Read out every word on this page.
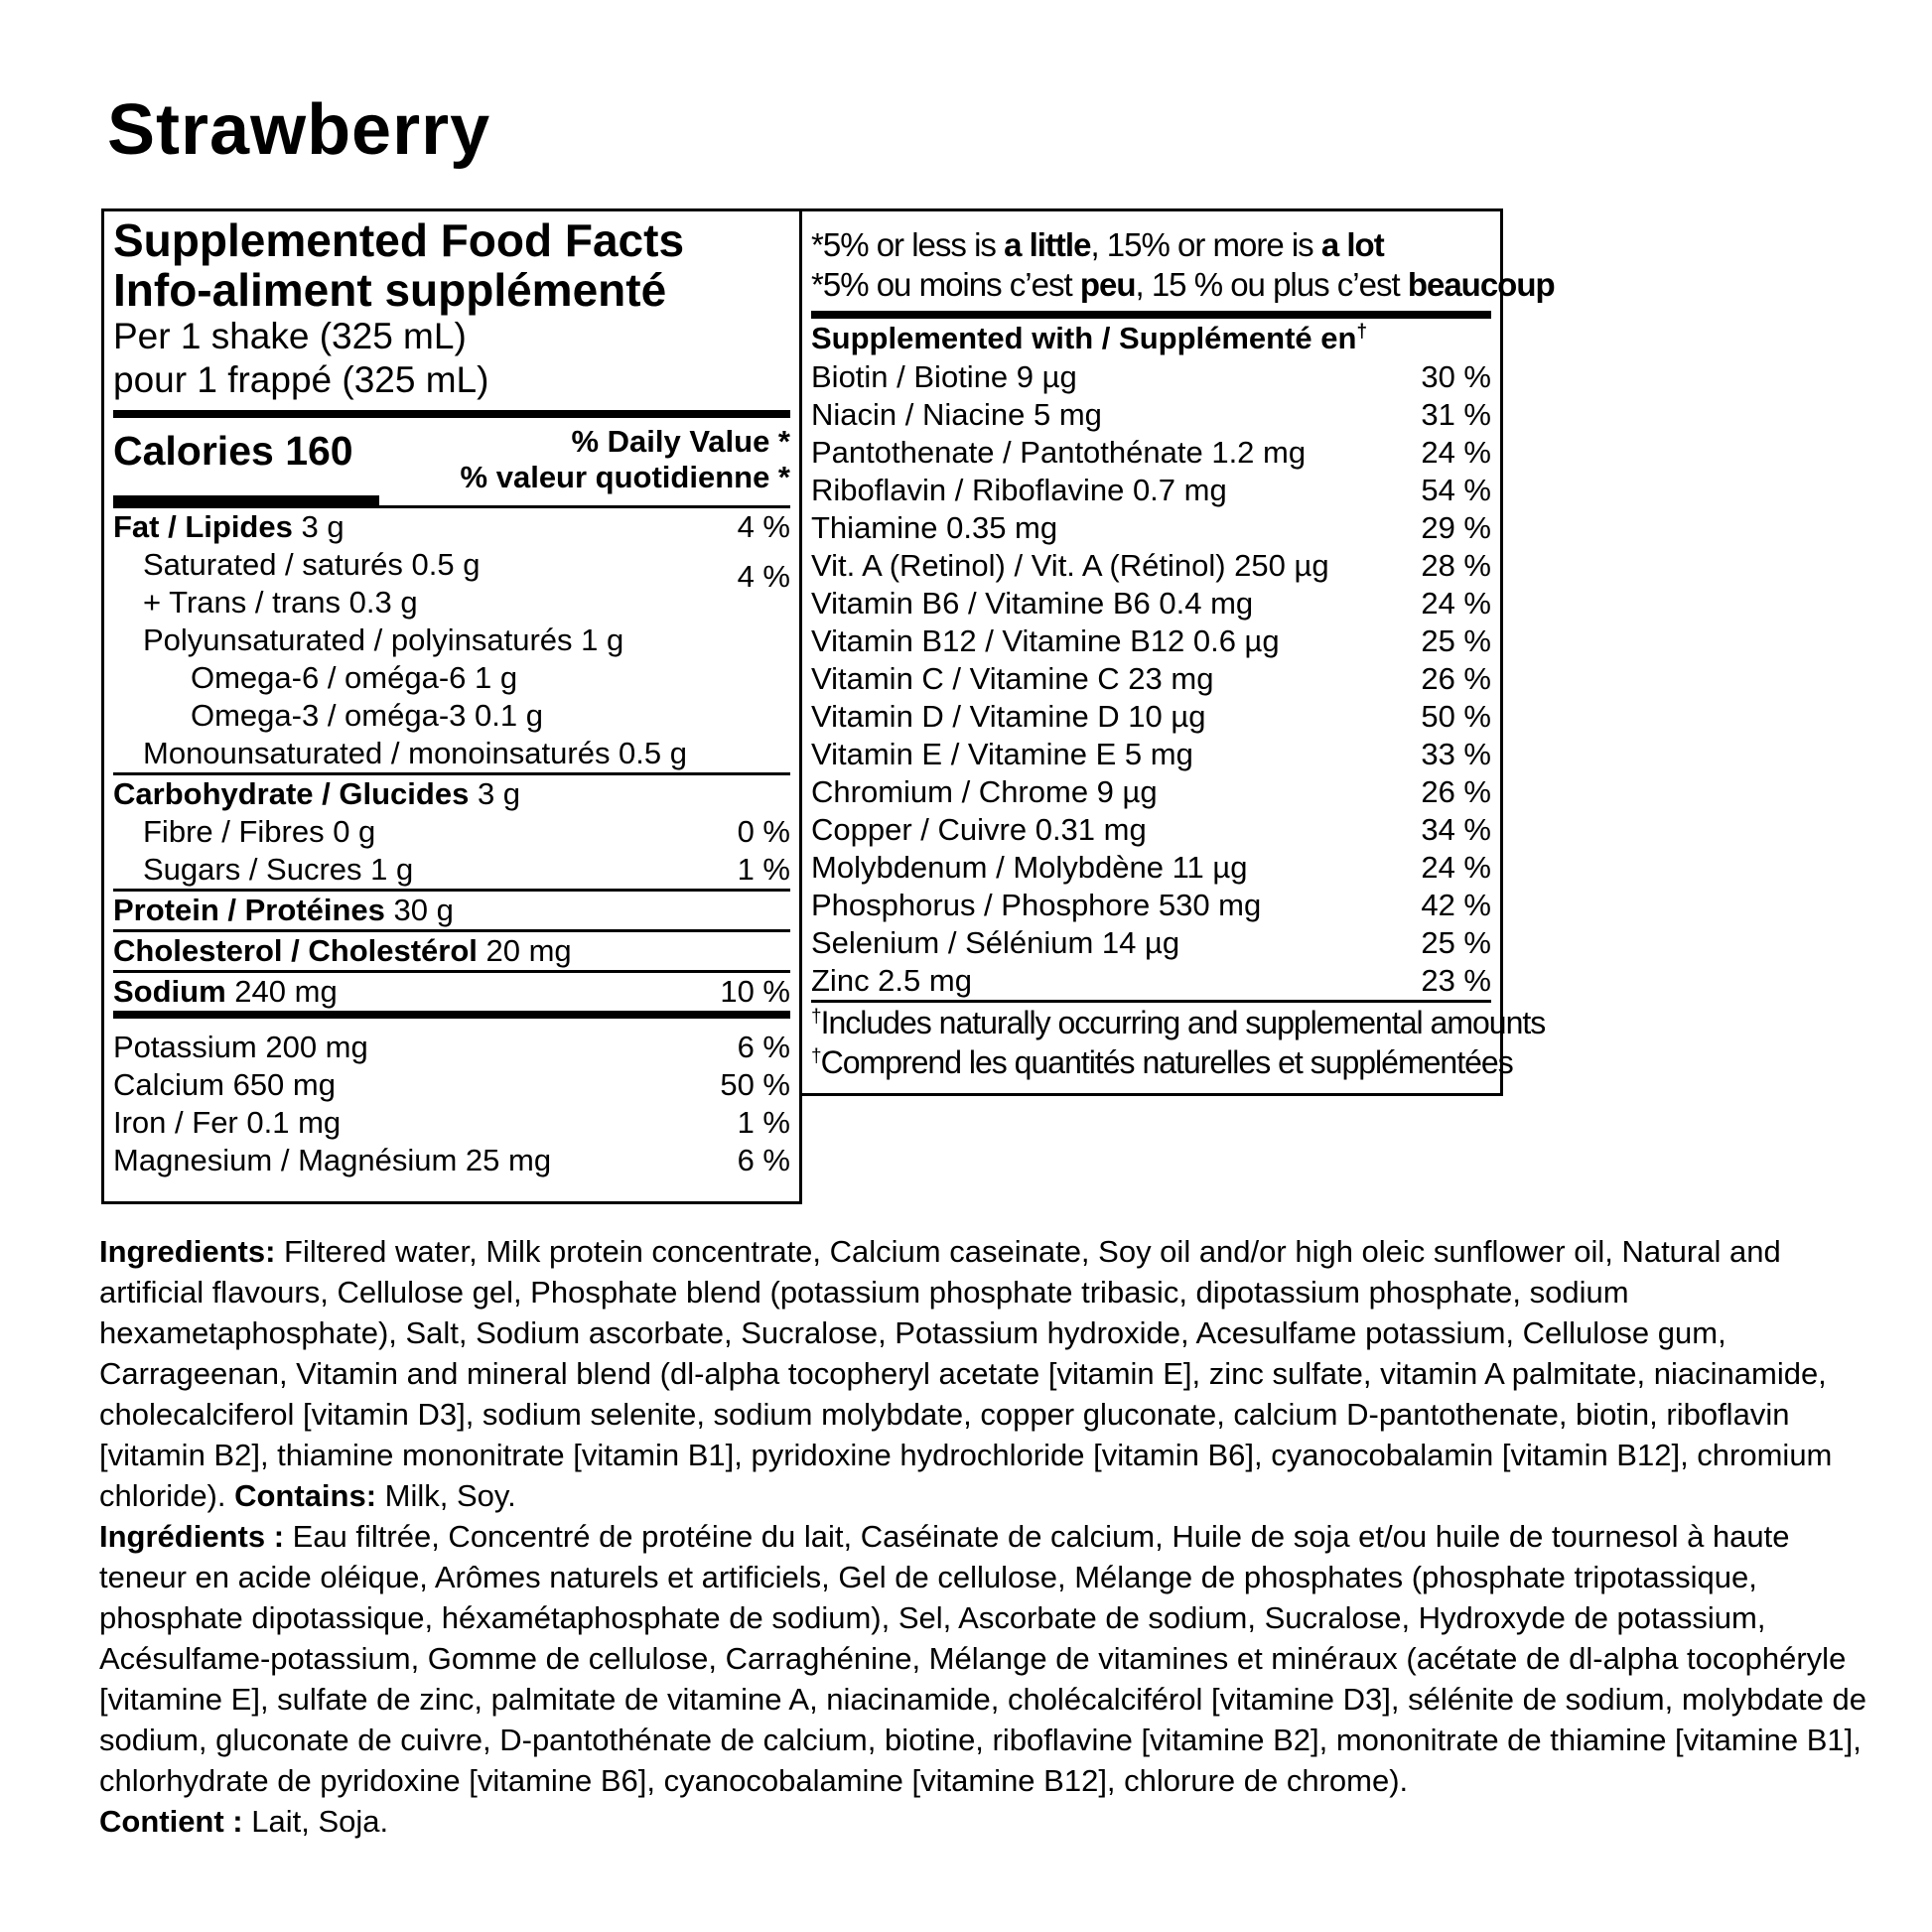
Strawberry
Supplemented Food Facts
Info-aliment supplémenté
Per 1 shake (325 mL)
pour 1 frappé (325 mL)
Calories 160	% Daily Value *
% valeur quotidienne *
Fat / Lipides 3 g	4 %
Saturated / saturés 0.5 g	4 %
+ Trans / trans 0.3 g
Polyunsaturated / polyinsaturés 1 g
Omega-6 / oméga-6 1 g
Omega-3 / oméga-3 0.1 g
Monounsaturated / monoinsaturés 0.5 g
Carbohydrate / Glucides 3 g
Fibre / Fibres 0 g	0 %
Sugars / Sucres 1 g	1 %
Protein / Protéines 30 g
Cholesterol / Cholestérol 20 mg
Sodium 240 mg	10 %
Potassium 200 mg	6 %
Calcium 650 mg	50 %
Iron / Fer 0.1 mg	1 %
Magnesium / Magnésium 25 mg	6 %
*5% or less is a little, 15% or more is a lot
*5% ou moins c’est peu, 15 % ou plus c’est beaucoup
Supplemented with / Supplémenté en†
Biotin / Biotine 9 µg	30 %
Niacin / Niacine 5 mg	31 %
Pantothenate / Pantothénate 1.2 mg	24 %
Riboflavin / Riboflavine 0.7 mg	54 %
Thiamine 0.35 mg	29 %
Vit. A (Retinol) / Vit. A (Rétinol) 250 µg	28 %
Vitamin B6 / Vitamine B6 0.4 mg	24 %
Vitamin B12 / Vitamine B12 0.6 µg	25 %
Vitamin C / Vitamine C 23 mg	26 %
Vitamin D / Vitamine D 10 µg	50 %
Vitamin E / Vitamine E 5 mg	33 %
Chromium / Chrome 9 µg	26 %
Copper / Cuivre 0.31 mg	34 %
Molybdenum / Molybdène 11 µg	24 %
Phosphorus / Phosphore 530 mg	42 %
Selenium / Sélénium 14 µg	25 %
Zinc 2.5 mg	23 %
†Includes naturally occurring and supplemental amounts
†Comprend les quantités naturelles et supplémentées

Ingredients: Filtered water, Milk protein concentrate, Calcium caseinate, Soy oil and/or high oleic sunflower oil, Natural and artificial flavours, Cellulose gel, Phosphate blend (potassium phosphate tribasic, dipotassium phosphate, sodium hexametaphosphate), Salt, Sodium ascorbate, Sucralose, Potassium hydroxide, Acesulfame potassium, Cellulose gum, Carrageenan, Vitamin and mineral blend (dl-alpha tocopheryl acetate [vitamin E], zinc sulfate, vitamin A palmitate, niacinamide, cholecalciferol [vitamin D3], sodium selenite, sodium molybdate, copper gluconate, calcium D-pantothenate, biotin, riboflavin [vitamin B2], thiamine mononitrate [vitamin B1], pyridoxine hydrochloride [vitamin B6], cyanocobalamin [vitamin B12], chromium chloride). Contains: Milk, Soy.

Ingrédients : Eau filtrée, Concentré de protéine du lait, Caséinate de calcium, Huile de soja et/ou huile de tournesol à haute teneur en acide oléique, Arômes naturels et artificiels, Gel de cellulose, Mélange de phosphates (phosphate tripotassique, phosphate dipotassique, héxamétaphosphate de sodium), Sel, Ascorbate de sodium, Sucralose, Hydroxyde de potassium, Acésulfame-potassium, Gomme de cellulose, Carraghénine, Mélange de vitamines et minéraux (acétate de dl-alpha tocophéryle [vitamine E], sulfate de zinc, palmitate de vitamine A, niacinamide, cholécalciférol [vitamine D3], sélénite de sodium, molybdate de sodium, gluconate de cuivre, D-pantothénate de calcium, biotine, riboflavine [vitamine B2], mononitrate de thiamine [vitamine B1], chlorhydrate de pyridoxine [vitamine B6], cyanocobalamine [vitamine B12], chlorure de chrome).

Contient : Lait, Soja.
